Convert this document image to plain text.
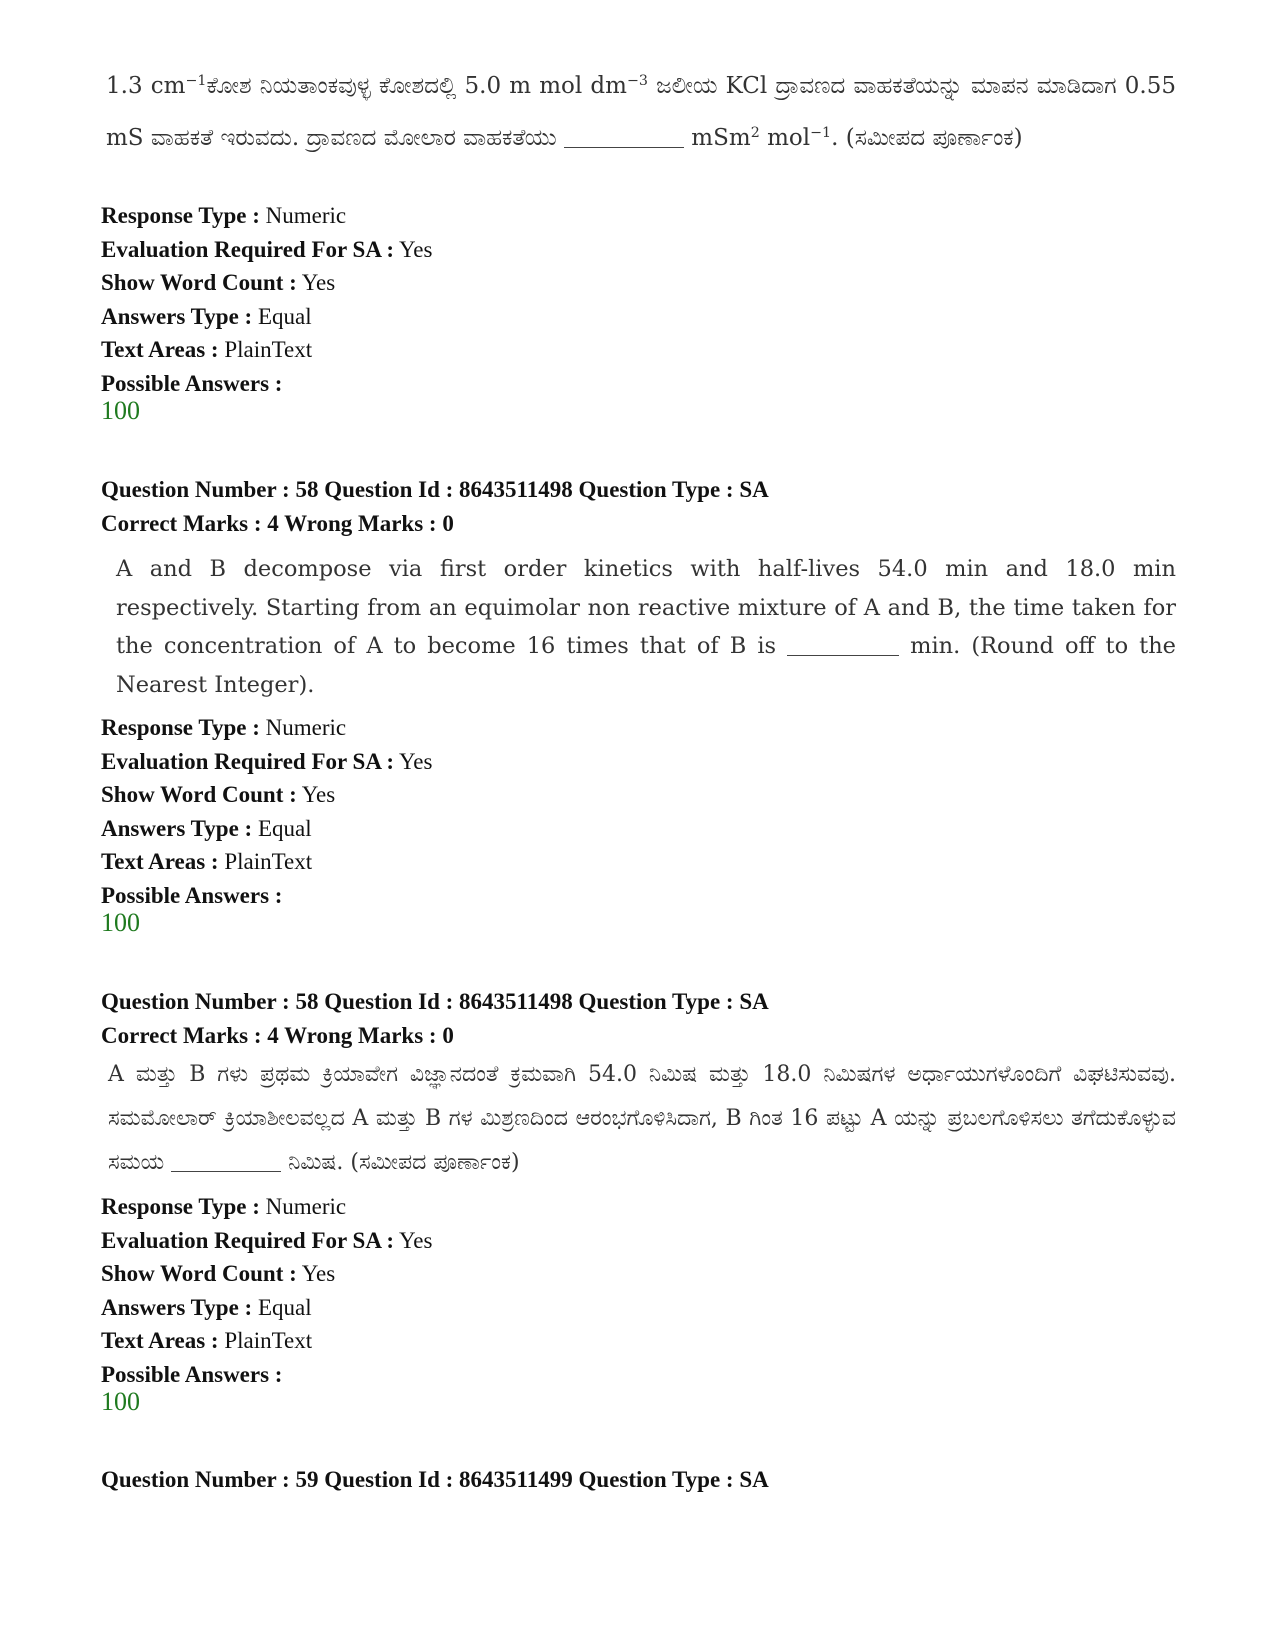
1.3 $cm^{-1}ಕೋಶ$ ನಿಯತಾಂಕವುಳ್ಳ ಕೋಶದಲ್ಲಿ 5.0 m mol $dm^{-3}$ ಜಲೀಯ KCl ದ್ರಾವಣದ ವಾಹಕತೆಯನ್ನು ಮಾಪನ ಮಾಡಿದಾಗ 0.55 mS ವಾಹಕತೆ ಇರುವದು. ದ್ರಾವಣದ ಮೋಲಾರ ವಾಹಕತೆಯು	mSm$^2$ mol$^{-1}$. (ಸಮೀಪದ ಪೂರ್ಣಾಂಕ)
Response Type : Numeric
Evaluation Required For SA : Yes
Show Word Count : Yes
Answers Type : Equal
Text Areas : PlainText
Possible Answers :
100
Question Number : 58 Question Id : 8643511498 Question Type : SA
Correct Marks : 4 Wrong Marks : 0
A and B decompose via first order kinetics with half-lives 54.0 min and 18.0 min respectively. Starting from an equimolar non reactive mixture of A and B, the time taken for the concentration of A to become 16 times that of B is	min. (Round off to the Nearest Integer).
Response Type : Numeric
Evaluation Required For SA : Yes
Show Word Count : Yes
Answers Type : Equal
Text Areas : PlainText
Possible Answers :
100
Question Number : 58 Question Id : 8643511498 Question Type : SA
Correct Marks : 4 Wrong Marks : 0
A ಮತ್ತು B ಗಳು ಪ್ರಥಮ ಕ್ರಿಯಾವೇಗ ವಿಜ್ಞಾನದಂತೆ ಕ್ರಮವಾಗಿ 54.0 ನಿಮಿಷ ಮತ್ತು 18.0 ನಿಮಿಷಗಳ ಅರ್ಧಾಯುಗಳೊಂದಿಗೆ ವಿಘಟಿಸುವವು. ಸಮಮೋಲಾರ್ ಕ್ರಿಯಾಶೀಲವಲ್ಲದ A ಮತ್ತು B ಗಳ ಮಿಶ್ರಣದಿಂದ ಆರಂಭಗೊಳಿಸಿದಾಗ, B ಗಿಂತ 16 ಪಟ್ಟು A ಯನ್ನು ಪ್ರಬಲಗೊಳಿಸಲು ತಗೆದುಕೊಳ್ಳುವ ಸಮಯ	ನಿಮಿಷ. (ಸಮೀಪದ ಪೂರ್ಣಾಂಕ)
Response Type : Numeric
Evaluation Required For SA : Yes
Show Word Count : Yes
Answers Type : Equal
Text Areas : PlainText
Possible Answers :
100
Question Number : 59 Question Id : 8643511499 Question Type : SA
